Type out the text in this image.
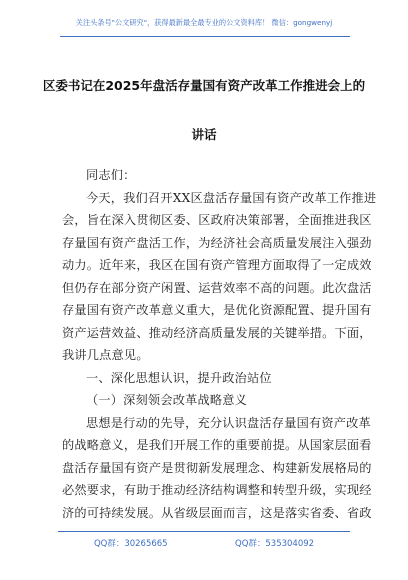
关注头条号"公文研究"，获得最新最全最专业的公文资料库！ 微信：gongwenyj
区委书记在2025年盘活存量国有资产改革工作推进会上的
讲话
同志们：
今天，我们召开XX区盘活存量国有资产改革工作推进
会，旨在深入贯彻区委、区政府决策部署，全面推进我区
存量国有资产盘活工作，为经济社会高质量发展注入强劲
动力。近年来，我区在国有资产管理方面取得了一定成效
但仍存在部分资产闲置、运营效率不高的问题。此次盘活
存量国有资产改革意义重大，是优化资源配置、提升国有
资产运营效益、推动经济高质量发展的关键举措。下面，
我讲几点意见。
一、深化思想认识，提升政治站位
（一）深刻领会改革战略意义
思想是行动的先导，充分认识盘活存量国有资产改革
的战略意义，是我们开展工作的重要前提。从国家层面看
盘活存量国有资产是贯彻新发展理念、构建新发展格局的
必然要求，有助于推动经济结构调整和转型升级，实现经
济的可持续发展。从省级层面而言，这是落实省委、省政
QQ群：30265665	QQ群：535304092
